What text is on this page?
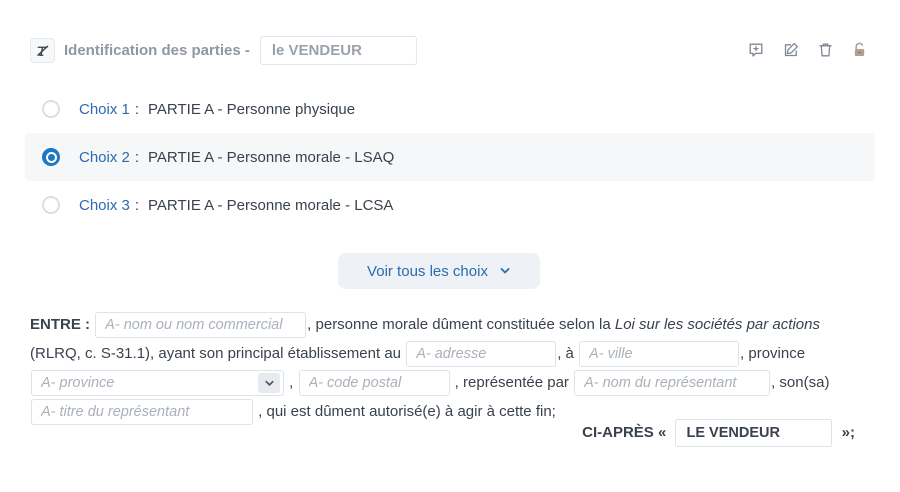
Identification des parties -
le VENDEUR
Choix 1 : PARTIE A - Personne physique
Choix 2 : PARTIE A - Personne morale - LSAQ
Choix 3 : PARTIE A - Personne morale - LCSA
Voir tous les choix
ENTRE : A- nom ou nom commercial	, personne morale dûment constituée selon la Loi sur les sociétés par actions (RLRQ, c. S-31.1), ayant son principal établissement au A- adresse	, à A- ville	, province
A- province	, A- code postal	, représentée par A- nom du représentant	, son(sa) A- titre du représentant , qui est dûment autorisé(e) à agir à cette fin;
CI-APRÈS « LE VENDEUR	»;
